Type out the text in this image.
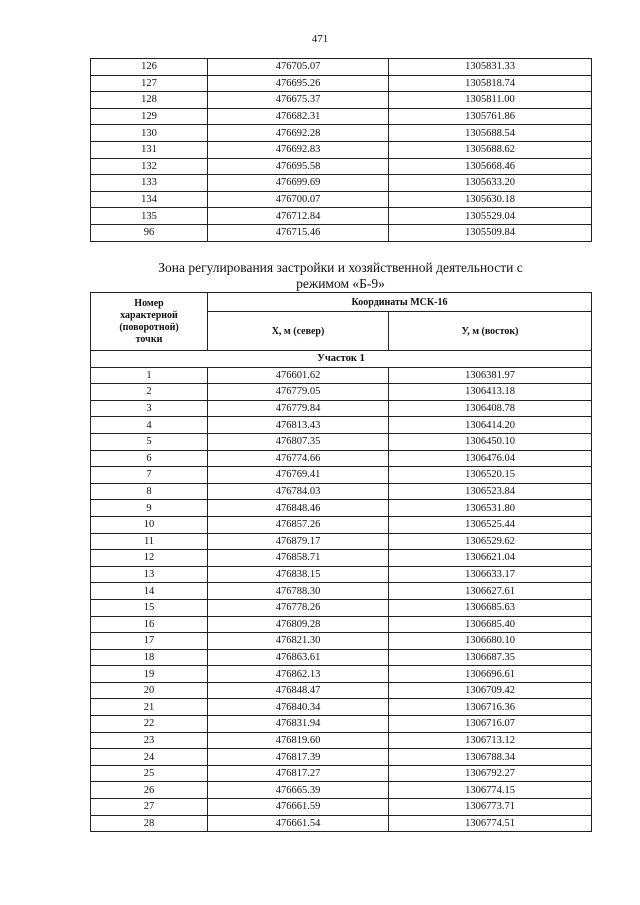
471
126	476705.07	1305831.33
127	476695.26	1305818.74
128	476675.37	1305811.00
129	476682.31	1305761.86
130	476692.28	1305688.54
131	476692.83	1305688.62
132	476695.58	1305668.46
133	476699.69	1305633.20
134	476700.07	1305630.18
135	476712.84	1305529.04
96	476715.46	1305509.84
Зона регулирования застройки и хозяйственной деятельности с
режимом «Б-9»
Номер
характерной
(поворотной)
точки	Координаты МСК-16	
	X, м (север)	У, м (восток)
Участок 1		
1	476601.62	1306381.97
2	476779.05	1306413.18
3	476779.84	1306408.78
4	476813.43	1306414.20
5	476807.35	1306450.10
6	476774.66	1306476.04
7	476769.41	1306520.15
8	476784.03	1306523.84
9	476848.46	1306531.80
10	476857.26	1306525.44
11	476879.17	1306529.62
12	476858.71	1306621.04
13	476838.15	1306633.17
14	476788.30	1306627.61
15	476778.26	1306685.63
16	476809.28	1306685.40
17	476821.30	1306680.10
18	476863.61	1306687.35
19	476862.13	1306696.61
20	476848.47	1306709.42
21	476840.34	1306716.36
22	476831.94	1306716.07
23	476819.60	1306713.12
24	476817.39	1306788.34
25	476817.27	1306792.27
26	476665.39	1306774.15
27	476661.59	1306773.71
28	476661.54	1306774.51
